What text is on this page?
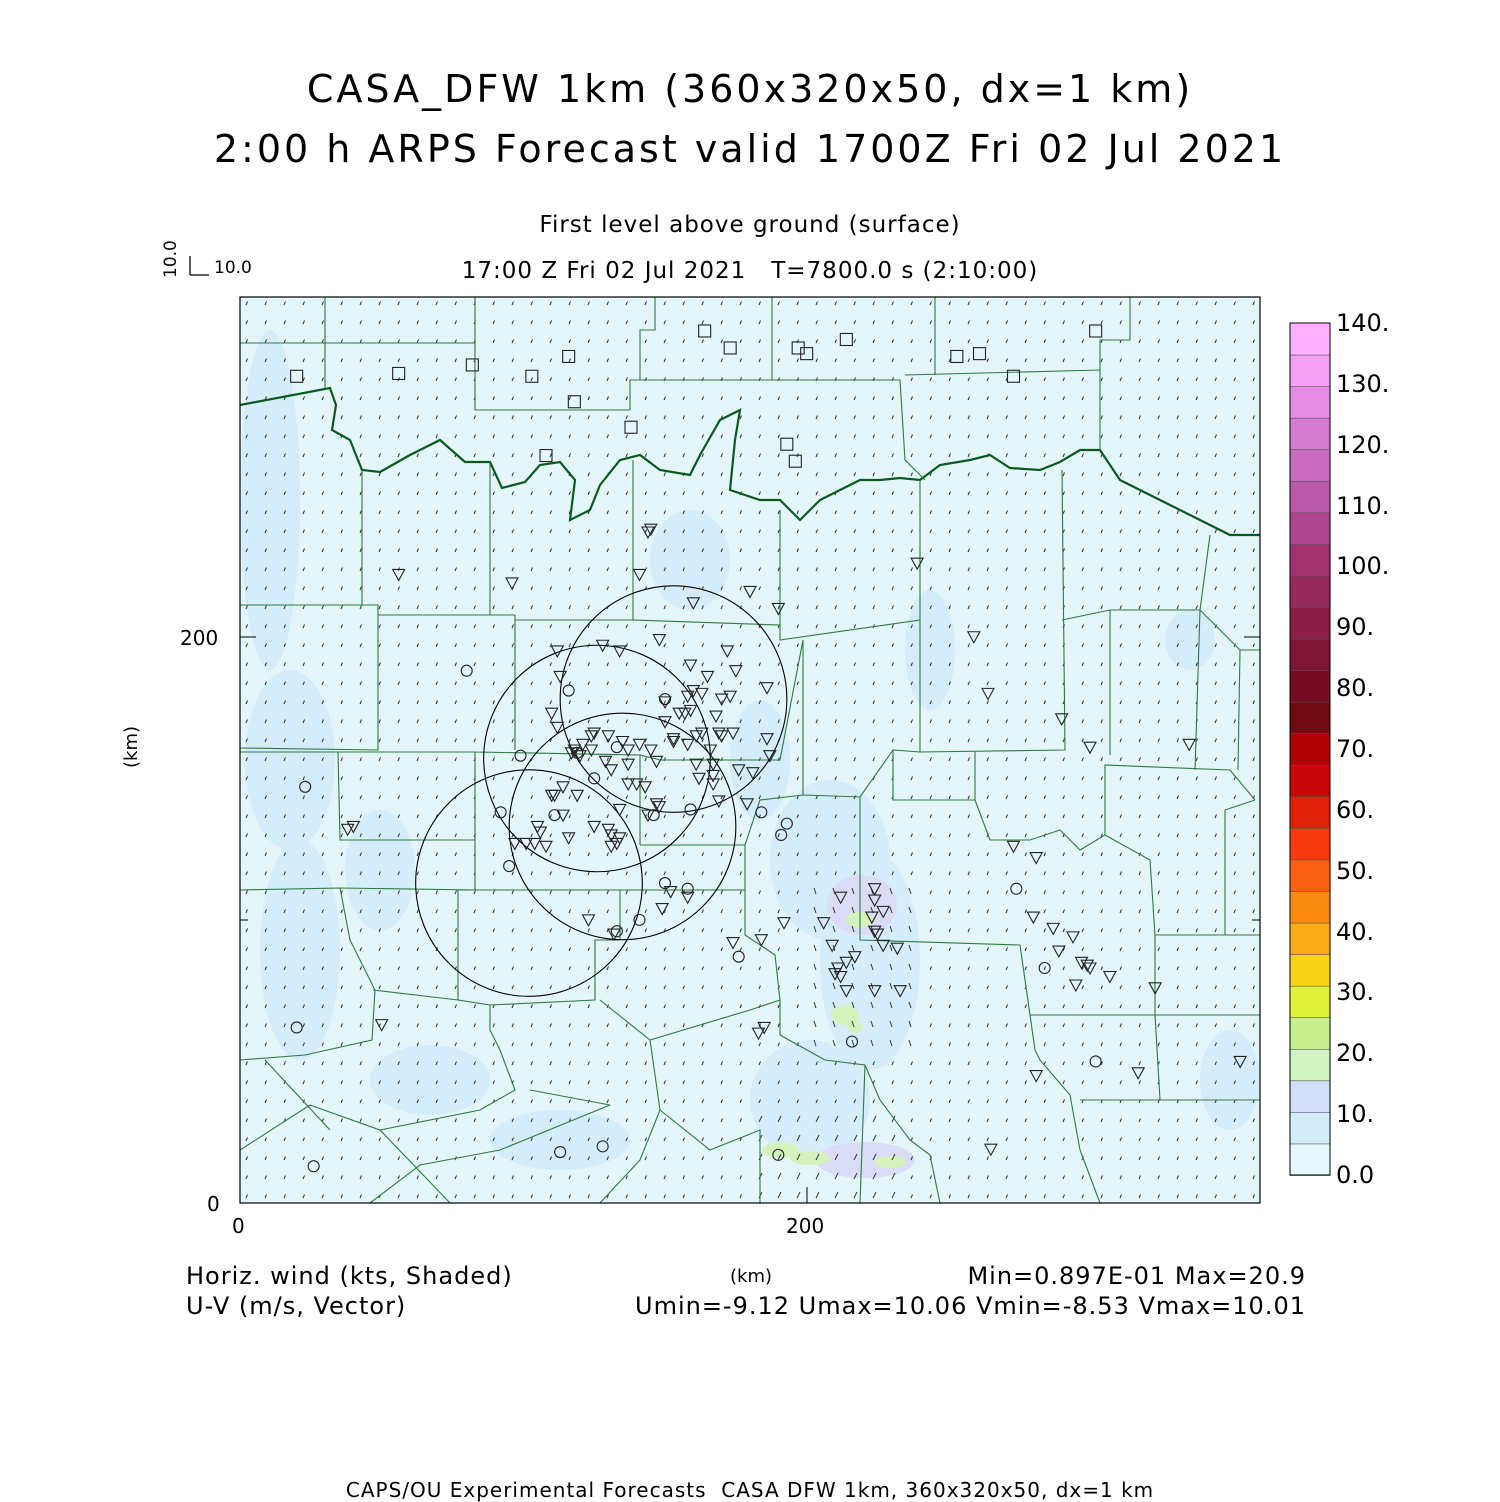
CASA_DFW 1km (360x320x50, dx=1 km)
2:00 h ARPS Forecast valid 1700Z Fri 02 Jul 2021
First level above ground (surface)
17:00 Z Fri 02 Jul 2021   T=7800.0 s (2:10:00)
10.0
10.0
200
0
0	200
(km)
(km)
Horiz. wind (kts, Shaded)
U-V (m/s, Vector)
Min=0.897E-01 Max=20.9
Umin=-9.12 Umax=10.06 Vmin=-8.53 Vmax=10.01
CAPS/OU Experimental Forecasts  CASA DFW 1km, 360x320x50, dx=1 km
0.0
10.
20.
30.
40.
50.
60.
70.
80.
90.
100.
110.
120.
130.
140.
